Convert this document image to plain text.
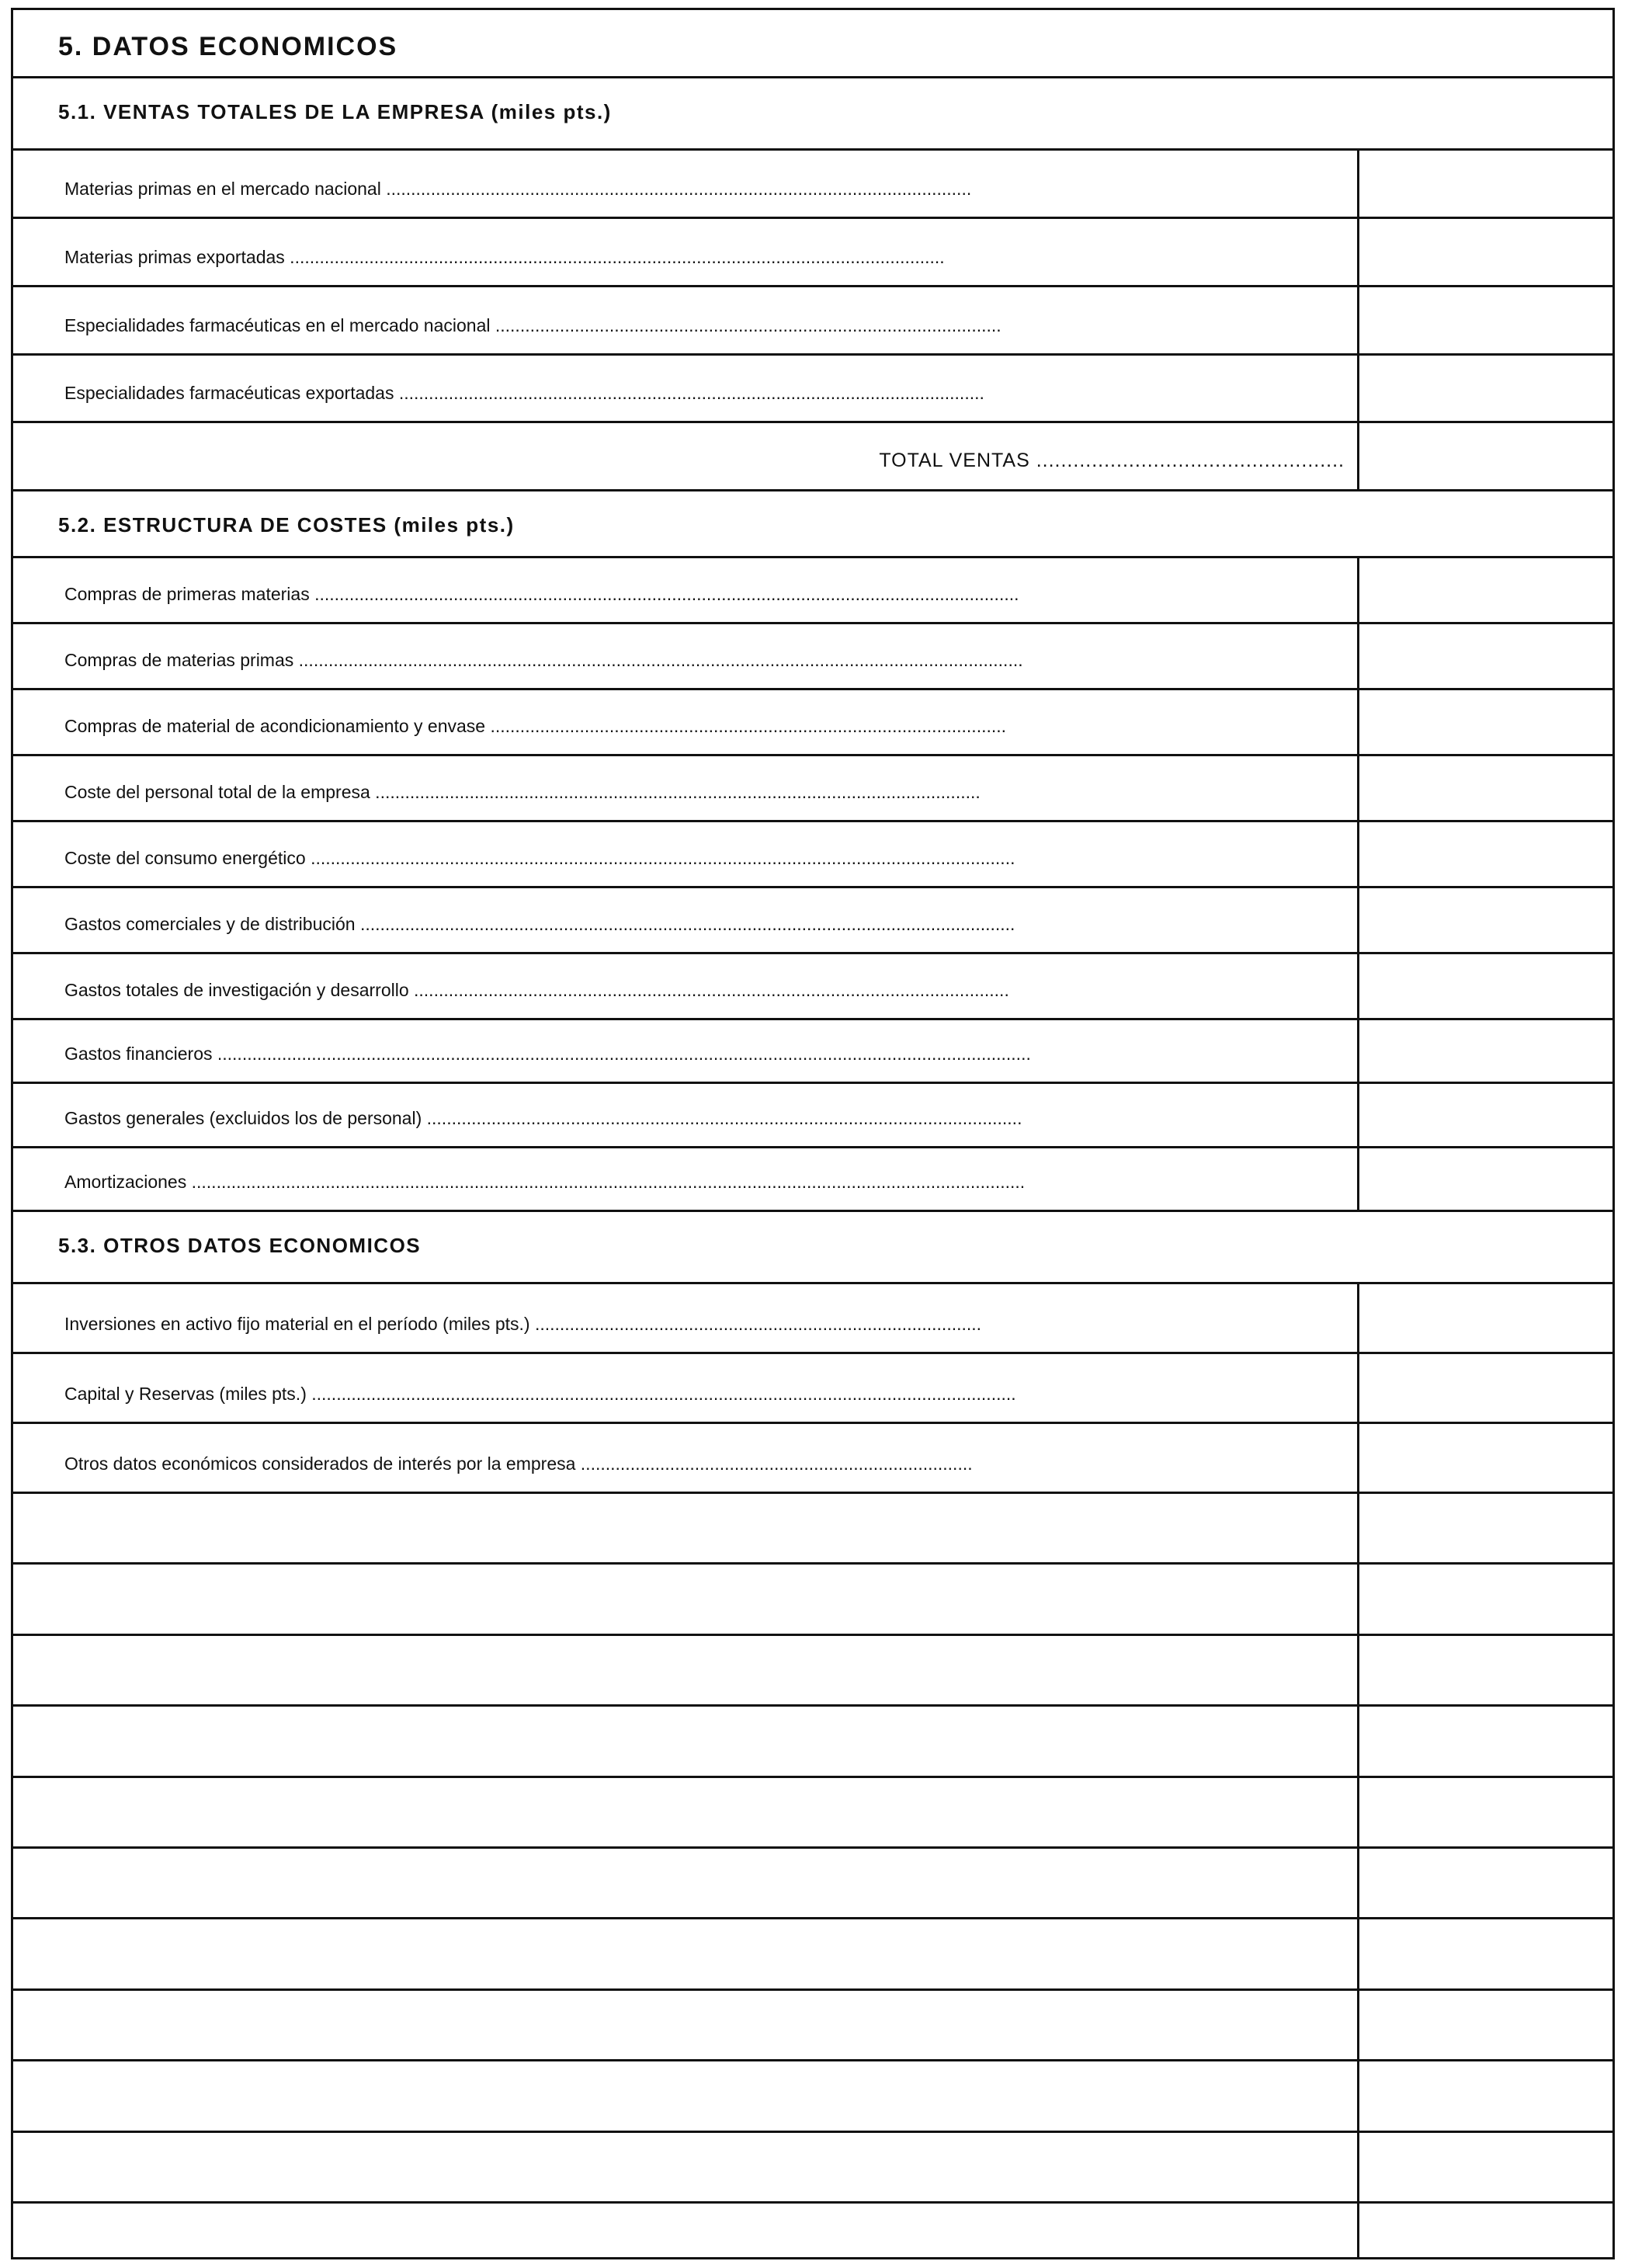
5. DATOS ECONOMICOS
5.1. VENTAS TOTALES DE LA EMPRESA (miles pts.)
Materias primas en el mercado nacional ......................................................................................................................
Materias primas exportadas ....................................................................................................................................
Especialidades farmacéuticas en el mercado nacional ......................................................................................................
Especialidades farmacéuticas exportadas ......................................................................................................................
TOTAL VENTAS ..................................................
5.2. ESTRUCTURA DE COSTES (miles pts.)
Compras de primeras materias ..............................................................................................................................................
Compras de materias primas ..................................................................................................................................................
Compras de material de acondicionamiento y envase ........................................................................................................
Coste del personal total de la empresa ..........................................................................................................................
Coste del consumo energético ..............................................................................................................................................
Gastos comerciales y de distribución ....................................................................................................................................
Gastos totales de investigación y desarrollo ........................................................................................................................
Gastos financieros ....................................................................................................................................................................
Gastos generales (excluidos los de personal) ........................................................................................................................
Amortizaciones ........................................................................................................................................................................
5.3. OTROS DATOS ECONOMICOS
Inversiones en activo fijo material en el período (miles pts.) ..........................................................................................
Capital y Reservas (miles pts.) ..............................................................................................................................................
Otros datos económicos considerados de interés por la empresa ...............................................................................
